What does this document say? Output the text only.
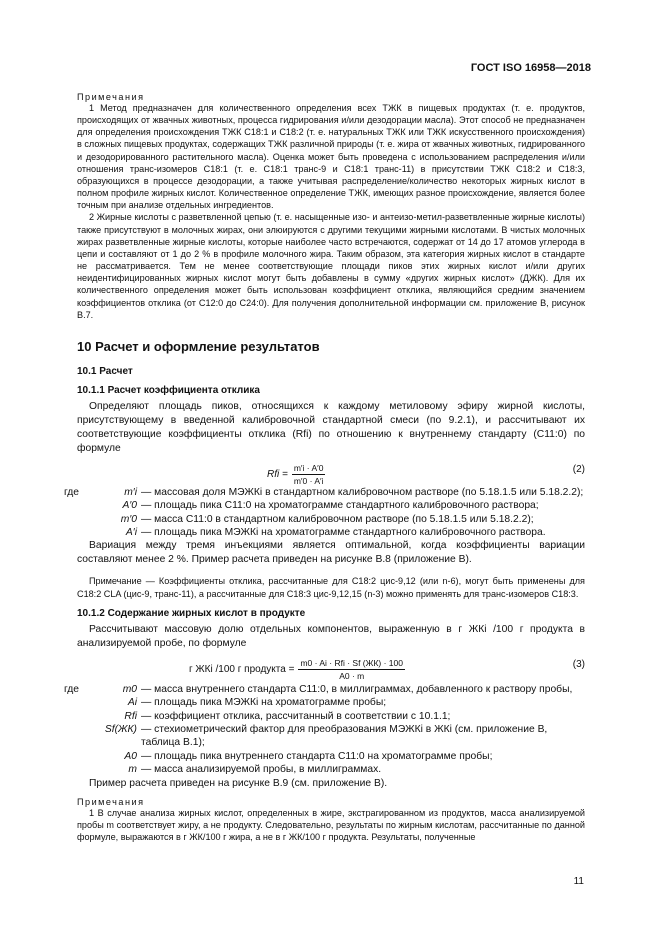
ГОСТ ISO 16958—2018

Примечания

1 Метод предназначен для количественного определения всех ТЖК в пищевых продуктах (т. е. продуктов, происходящих от жвачных животных, процесса гидрирования и/или дезодорации масла). Этот способ не предназначен для определения происхождения ТЖК С18:1 и С18:2 (т. е. натуральных ТЖК или ТЖК искусственного происхождения) в сложных пищевых продуктах, содержащих ТЖК различной природы (т. е. жира от жвачных животных, гидрированного и дезодорированного растительного масла). Оценка может быть проведена с использованием распределения и/или отношения транс-изомеров С18:1 (т. е. С18:1 транс-9 и С18:1 транс-11) в присутствии ТЖК С18:2 и С18:3, образующихся в процессе дезодорации, а также учитывая распределение/количество некоторых жирных кислот в полном профиле жирных кислот. Количественное определение ТЖК, имеющих разное происхождение, является более точным при анализе отдельных ингредиентов.

2 Жирные кислоты с разветвленной цепью (т. е. насыщенные изо- и антеизо-метил-разветвленные жирные кислоты) также присутствуют в молочных жирах, они элюируются с другими текущими жирными кислотами. В чистых молочных жирах разветвленные жирные кислоты, которые наиболее часто встречаются, содержат от 14 до 17 атомов углерода в цепи и составляют от 1 до 2 % в профиле молочного жира. Таким образом, эта категория жирных кислот в стандарте не рассматривается. Тем не менее соответствующие площади пиков этих жирных кислот и/или других неидентифицированных жирных кислот могут быть добавлены в сумму «других жирных кислот» (ДЖК). Для их количественного определения может быть использован коэффициент отклика, являющийся средним значением коэффициентов отклика (от С12:0 до С24:0). Для получения дополнительной информации см. приложение В, рисунок В.7.

10 Расчет и оформление результатов
10.1 Расчет
10.1.1 Расчет коэффициента отклика

Определяют площадь пиков, относящихся к каждому метиловому эфиру жирной кислоты, присутствующему в введенной калибровочной стандартной смеси (по 9.2.1), и рассчитывают их соответствующие коэффициенты отклика (Rfi) по отношению к внутреннему стандарту (С11:0) по формуле

Rfi = $\frac{m'i \cdot A'0}{m'0 \cdot A'i}$	(2)
где	m′i — массовая доля МЭЖКi в стандартном калибровочном растворе (по 5.18.1.5 или 5.18.2.2);
A′0 — площадь пика С11:0 на хроматограмме стандартного калибровочного раствора;
m′0 — масса С11:0 в стандартном калибровочном растворе (по 5.18.1.5 или 5.18.2.2);
A′i — площадь пика МЭЖКi на хроматограмме стандартного калибровочного раствора.

Вариация между тремя инъекциями является оптимальной, когда коэффициенты вариации составляют менее 2 %. Пример расчета приведен на рисунке В.8 (приложение В).

Примечание — Коэффициенты отклика, рассчитанные для С18:2 цис-9,12 (или n-6), могут быть применены для С18:2 CLA (цис-9, транс-11), а рассчитанные для С18:3 цис-9,12,15 (n-3) можно применять для транс-изомеров С18:3.

10.1.2 Содержание жирных кислот в продукте

Рассчитывают массовую долю отдельных компонентов, выраженную в г ЖКi /100 г продукта в анализируемой пробе, по формуле

г ЖКi /100 г продукта = $\frac{\text{m0 · Ai · Rfi · Sf (ЖК) · 100}}{A0 \cdot m}$	(3)
где	m0 — масса внутреннего стандарта С11:0, в миллиграммах, добавленного к раствору пробы,
Ai — площадь пика МЭЖКi на хроматограмме пробы;
Rfi — коэффициент отклика, рассчитанный в соответствии с 10.1.1;
Sf(ЖК) — стехиометрический фактор для преобразования МЭЖКi в ЖКi (см. приложение В, таблица В.1);
A0 — площадь пика внутреннего стандарта С11:0 на хроматограмме пробы;
m — масса анализируемой пробы, в миллиграммах.

Пример расчета приведен на рисунке В.9 (см. приложение В).

Примечания

1 В случае анализа жирных кислот, определенных в жире, экстрагированном из продуктов, масса анализируемой пробы m соответствует жиру, а не продукту. Следовательно, результаты по жирным кислотам, рассчитанные по данной формуле, выражаются в г ЖК/100 г жира, а не в г ЖК/100 г продукта. Результаты, полученные

11
